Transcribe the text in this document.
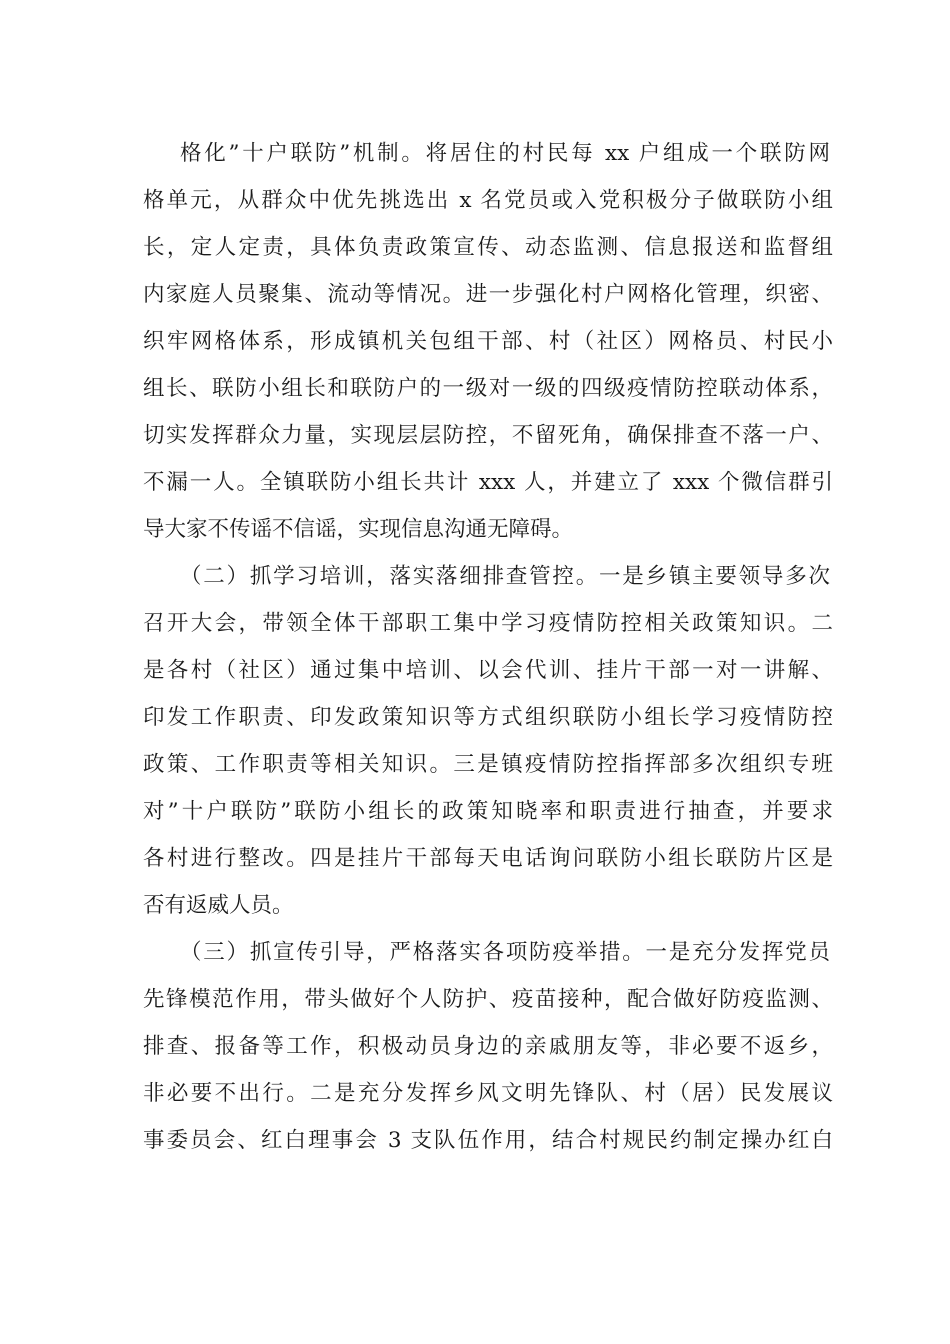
格化”十户联防”机制。将居住的村民每 xx 户组成一个联防网
格单元，从群众中优先挑选出 x 名党员或入党积极分子做联防小组
长，定人定责，具体负责政策宣传、动态监测、信息报送和监督组
内家庭人员聚集、流动等情况。进一步强化村户网格化管理，织密、
织牢网格体系，形成镇机关包组干部、村（社区）网格员、村民小
组长、联防小组长和联防户的一级对一级的四级疫情防控联动体系，
切实发挥群众力量，实现层层防控，不留死角，确保排查不落一户、
不漏一人。全镇联防小组长共计 xxx 人，并建立了 xxx 个微信群引
导大家不传谣不信谣，实现信息沟通无障碍。
（二）抓学习培训，落实落细排查管控。一是乡镇主要领导多次
召开大会，带领全体干部职工集中学习疫情防控相关政策知识。二
是各村（社区）通过集中培训、以会代训、挂片干部一对一讲解、
印发工作职责、印发政策知识等方式组织联防小组长学习疫情防控
政策、工作职责等相关知识。三是镇疫情防控指挥部多次组织专班
对”十户联防”联防小组长的政策知晓率和职责进行抽查，并要求
各村进行整改。四是挂片干部每天电话询问联防小组长联防片区是
否有返威人员。
（三）抓宣传引导，严格落实各项防疫举措。一是充分发挥党员
先锋模范作用，带头做好个人防护、疫苗接种，配合做好防疫监测、
排查、报备等工作，积极动员身边的亲戚朋友等，非必要不返乡，
非必要不出行。二是充分发挥乡风文明先锋队、村（居）民发展议
事委员会、红白理事会 3 支队伍作用，结合村规民约制定操办红白
